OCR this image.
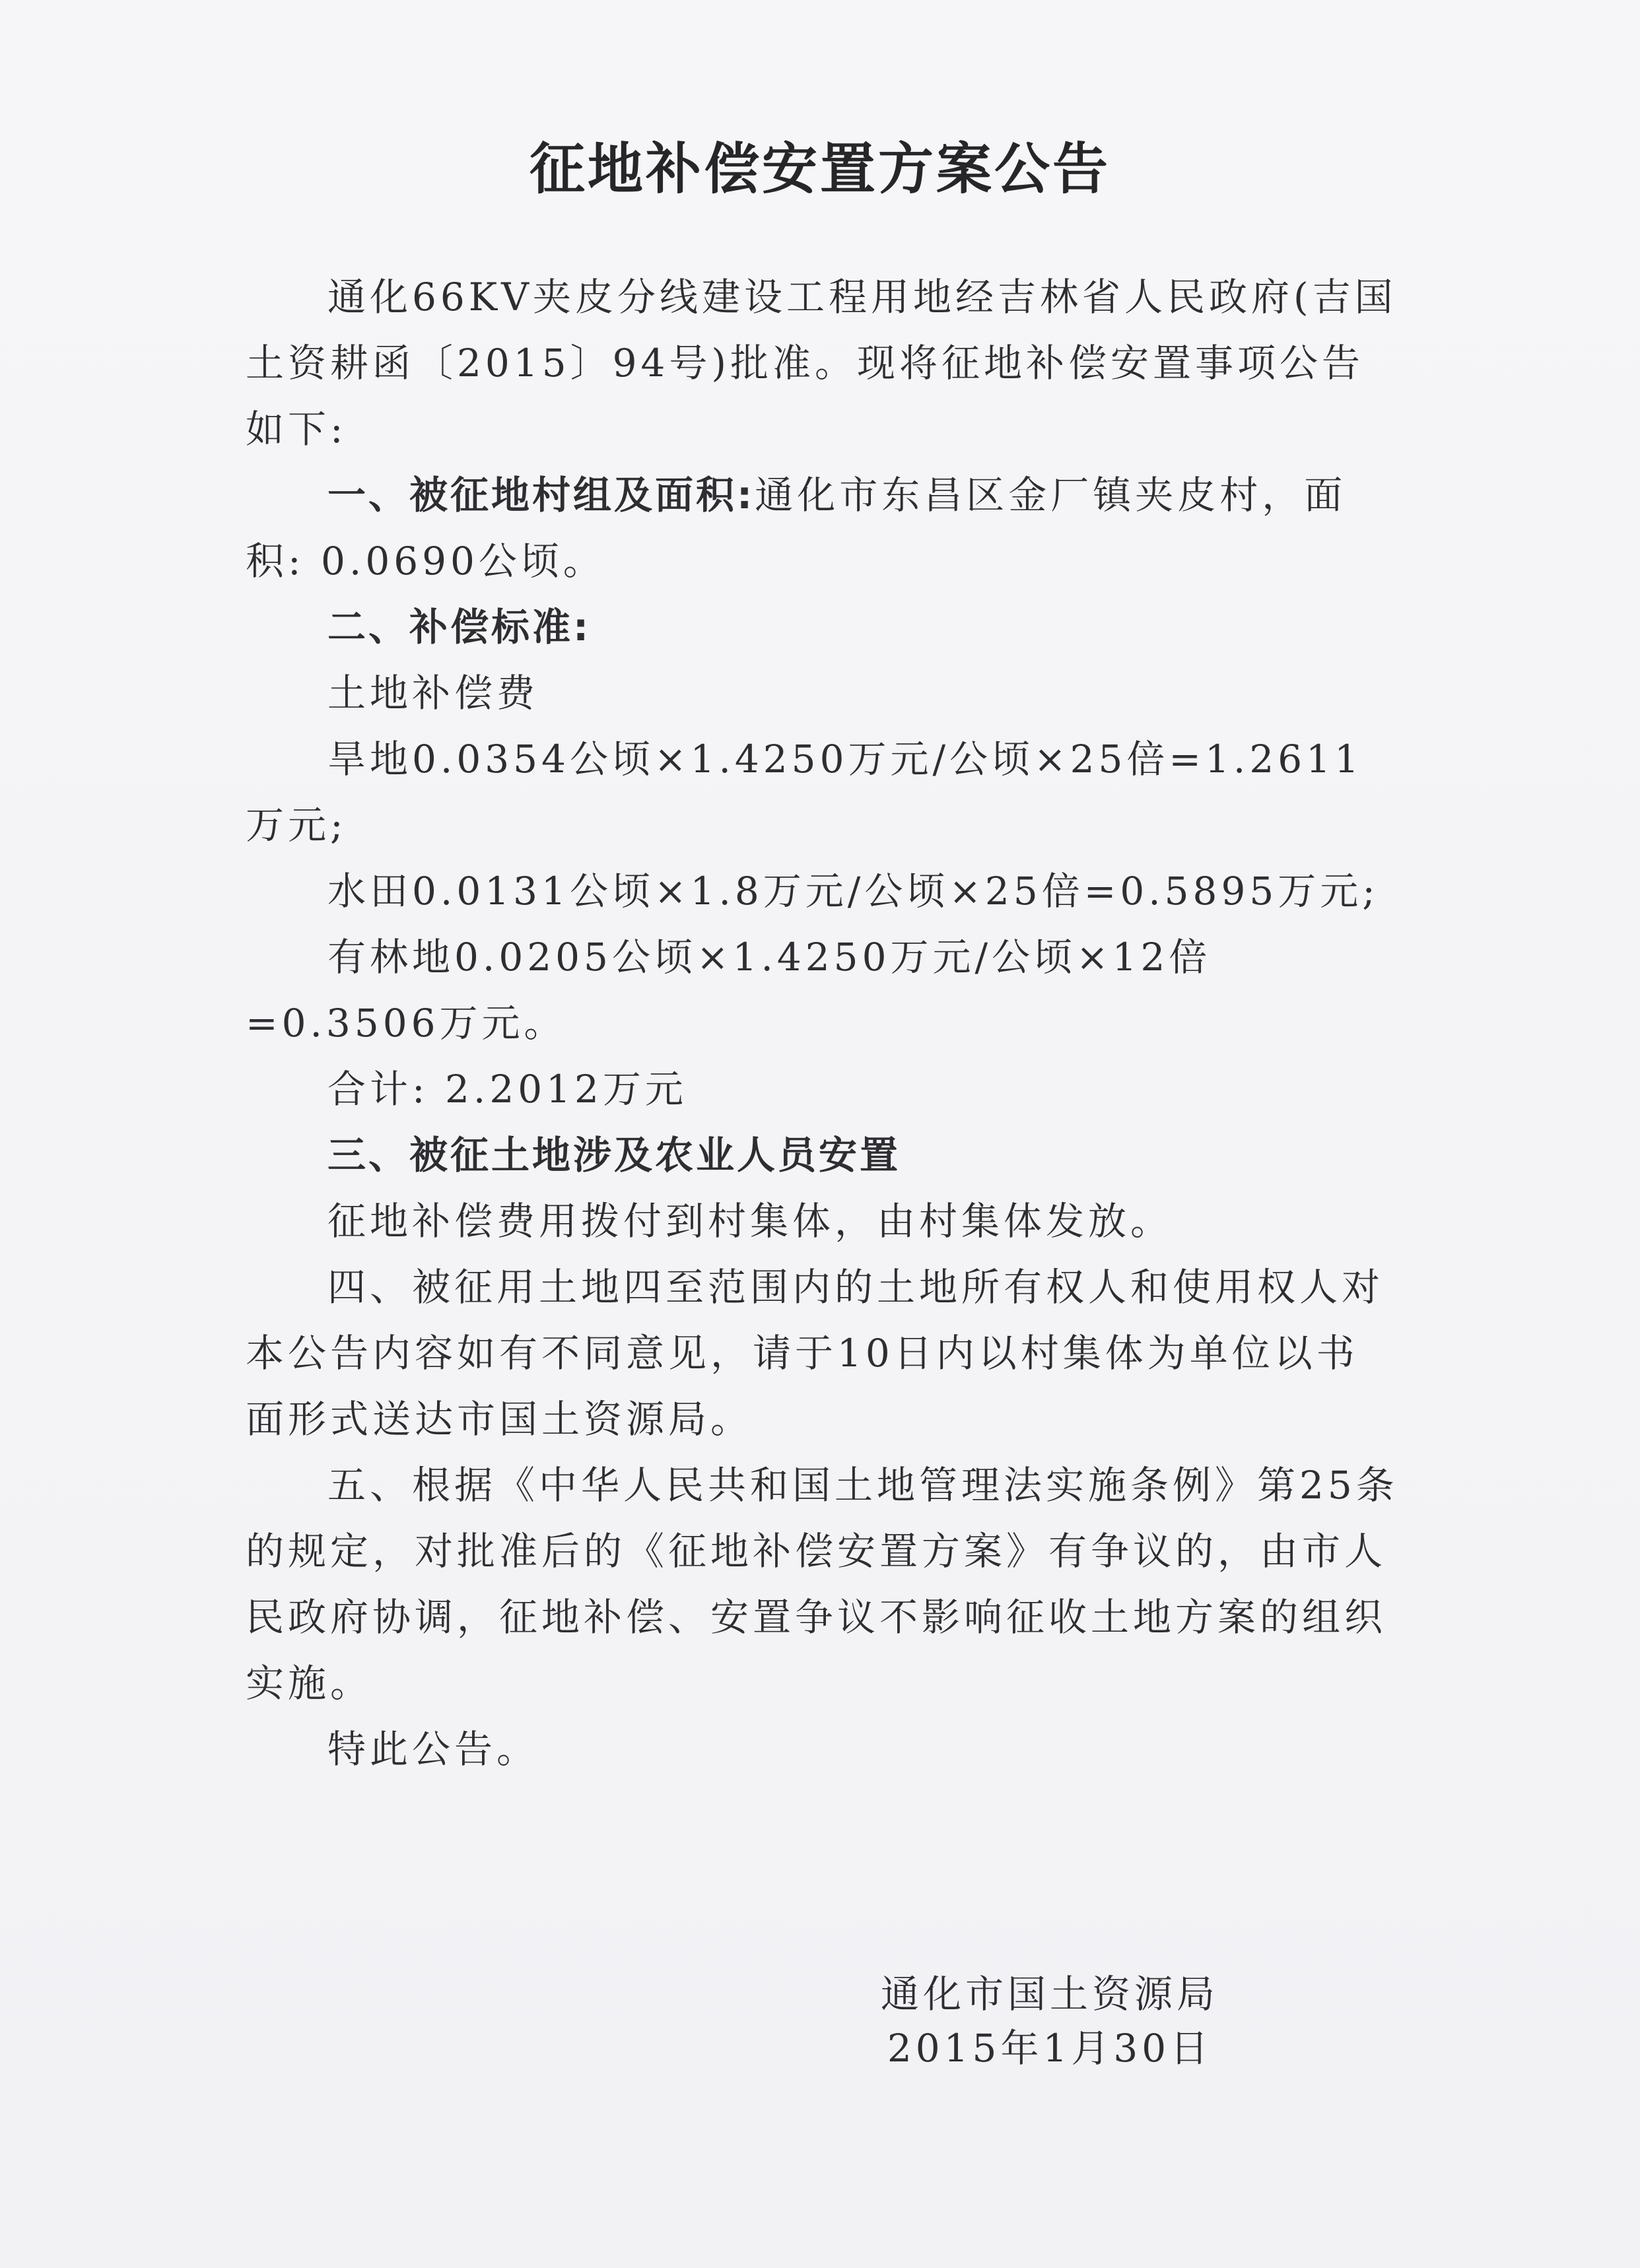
征地补偿安置方案公告

通化66KV夹皮分线建设工程用地经吉林省人民政府(吉国土资耕函〔2015〕94号)批准。现将征地补偿安置事项公告如下:

一、被征地村组及面积:通化市东昌区金厂镇夹皮村，面积: 0.0690公顷。

二、补偿标准:

土地补偿费

旱地0.0354公顷×1.4250万元/公顷×25倍=1.2611万元;

水田0.0131公顷×1.8万元/公顷×25倍=0.5895万元;

有林地0.0205公顷×1.4250万元/公顷×12倍=0.3506万元。

合计: 2.2012万元

三、被征土地涉及农业人员安置

征地补偿费用拨付到村集体，由村集体发放。

四、被征用土地四至范围内的土地所有权人和使用权人对本公告内容如有不同意见，请于10日内以村集体为单位以书面形式送达市国土资源局。

五、根据《中华人民共和国土地管理法实施条例》第25条的规定，对批准后的《征地补偿安置方案》有争议的，由市人民政府协调，征地补偿、安置争议不影响征收土地方案的组织实施。

特此公告。

通化市国土资源局
2015年1月30日
